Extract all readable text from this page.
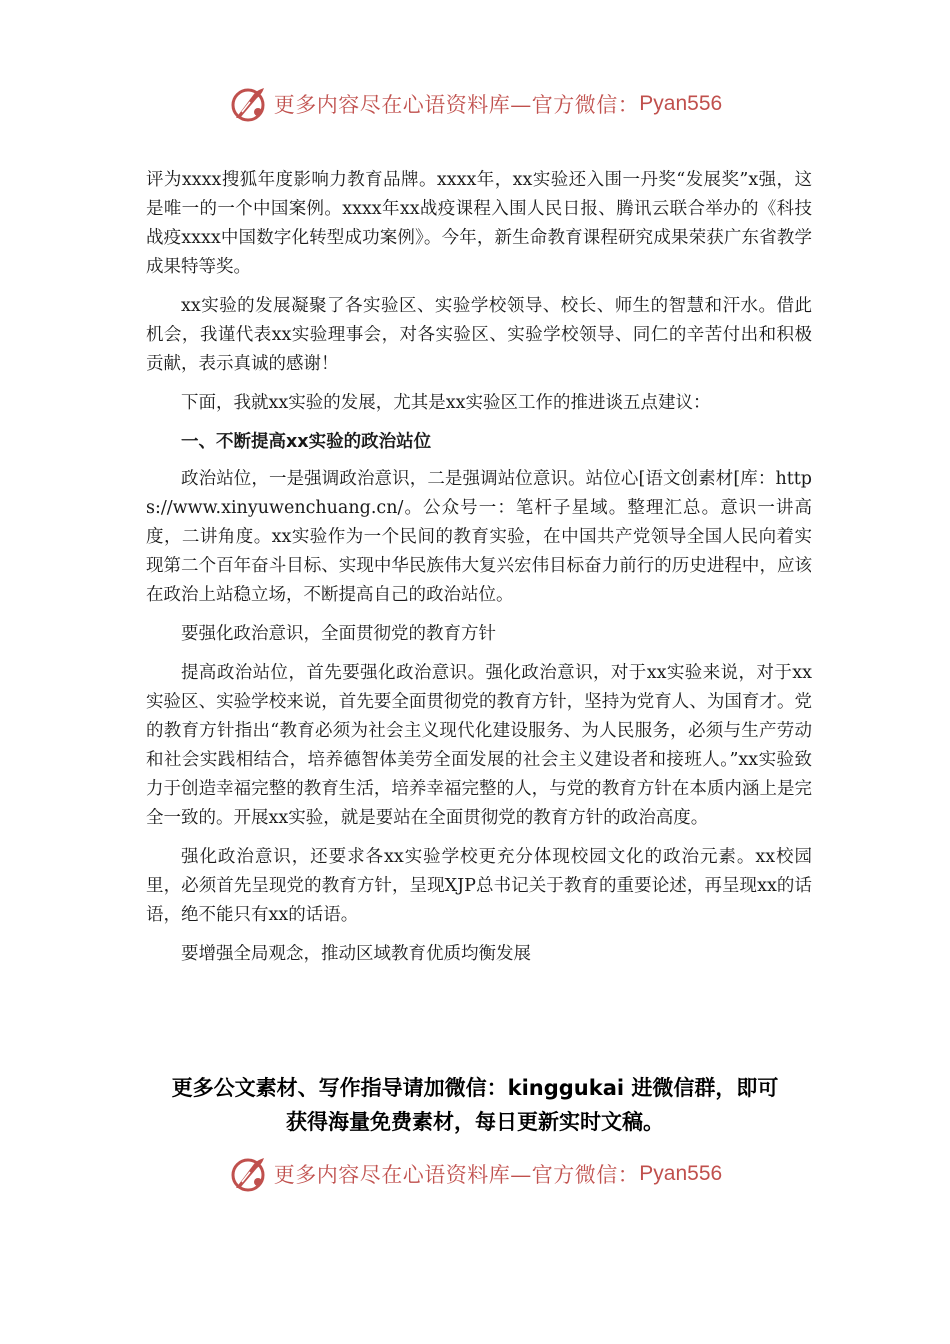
更多内容尽在心语资料库—官方微信： Pyan556

评为xxxx搜狐年度影响力教育品牌。xxxx年，xx实验还入围一丹奖“发展奖”x强，这是唯一的一个中国案例。xxxx年xx战疫课程入围人民日报、腾讯云联合举办的《科技战疫xxxx中国数字化转型成功案例》。今年，新生命教育课程研究成果荣获广东省教学成果特等奖。

xx实验的发展凝聚了各实验区、实验学校领导、校长、师生的智慧和汗水。借此机会，我谨代表xx实验理事会，对各实验区、实验学校领导、同仁的辛苦付出和积极贡献，表示真诚的感谢！

下面，我就xx实验的发展，尤其是xx实验区工作的推进谈五点建议：

一、不断提高xx实验的政治站位

政治站位，一是强调政治意识，二是强调站位意识。站位心[语文创素材[库：https://www.xinyuwenchuang.cn/。公众号一：笔杆子星域。整理汇总。意识一讲高度，二讲角度。xx实验作为一个民间的教育实验，在中国共产党领导全国人民向着实现第二个百年奋斗目标、实现中华民族伟大复兴宏伟目标奋力前行的历史进程中，应该在政治上站稳立场，不断提高自己的政治站位。

要强化政治意识，全面贯彻党的教育方针

提高政治站位，首先要强化政治意识。强化政治意识，对于xx实验来说，对于xx实验区、实验学校来说，首先要全面贯彻党的教育方针，坚持为党育人、为国育才。党的教育方针指出“教育必须为社会主义现代化建设服务、为人民服务，必须与生产劳动和社会实践相结合，培养德智体美劳全面发展的社会主义建设者和接班人。”xx实验致力于创造幸福完整的教育生活，培养幸福完整的人，与党的教育方针在本质内涵上是完全一致的。开展xx实验，就是要站在全面贯彻党的教育方针的政治高度。

强化政治意识，还要求各xx实验学校更充分体现校园文化的政治元素。xx校园里，必须首先呈现党的教育方针，呈现XJP总书记关于教育的重要论述，再呈现xx的话语，绝不能只有xx的话语。

要增强全局观念，推动区域教育优质均衡发展

更多公文素材、写作指导请加微信：kinggukai 进微信群，即可
获得海量免费素材，每日更新实时文稿。
更多内容尽在心语资料库—官方微信： Pyan556
